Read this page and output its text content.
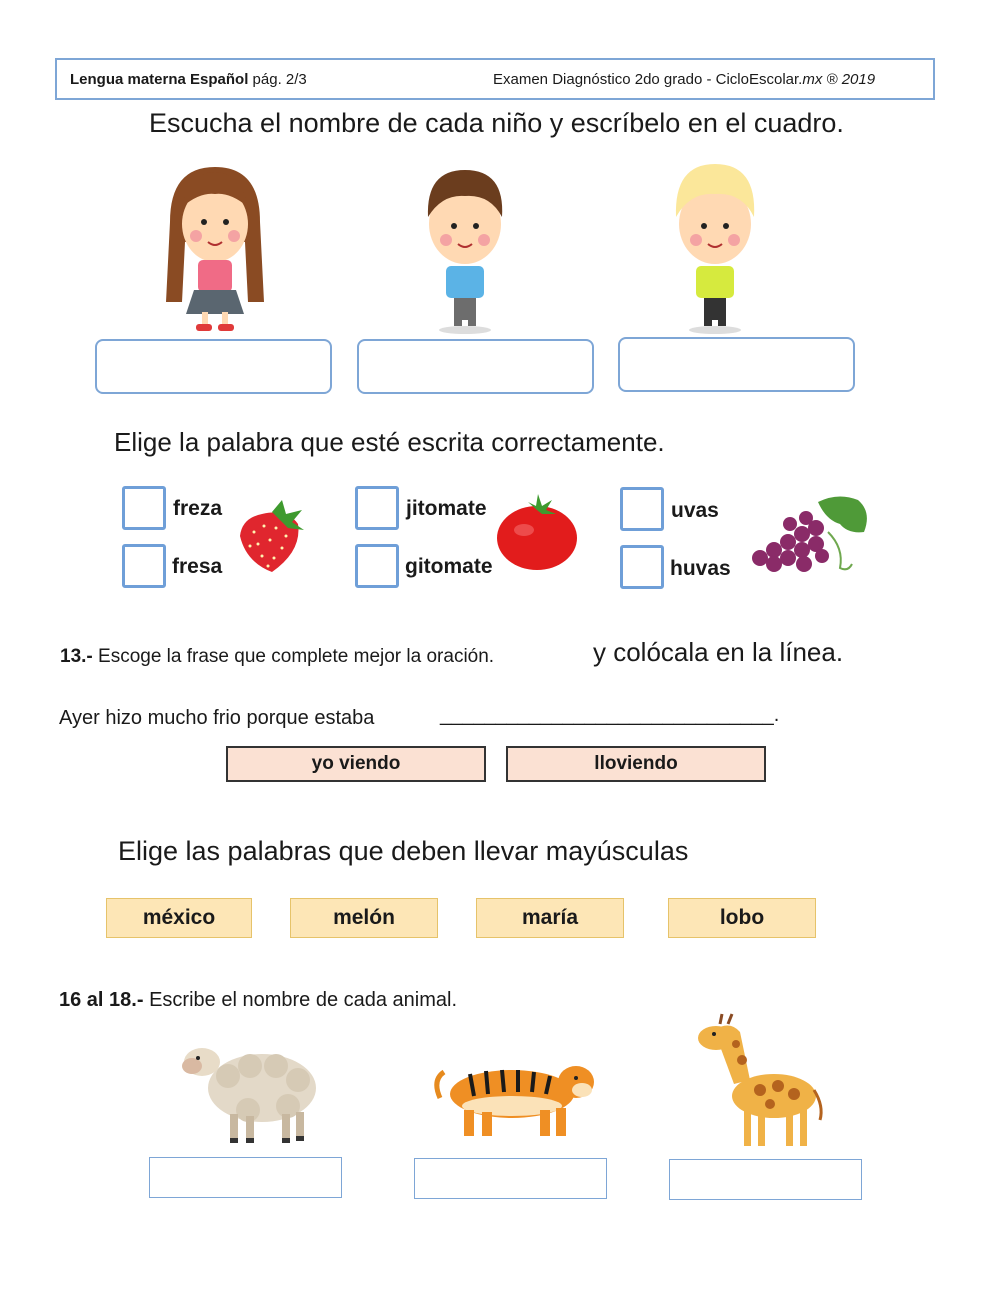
Lengua materna Español pág. 2/3	Examen Diagnóstico 2do grado - CicloEscolar.mx ® 2019
Escucha el nombre de cada niño y escríbelo en el cuadro.
Elige la palabra que esté escrita correctamente.
freza
fresa
jitomate
gitomate
uvas
huvas
13.- Escoge la frase que complete mejor la oración.	y colócala en la línea.
Ayer hizo mucho frio porque estaba	______________________________.
yo viendo	lloviendo
Elige las palabras que deben llevar mayúsculas
méxico	melón	maría	lobo
16 al 18.- Escribe el nombre de cada animal.
